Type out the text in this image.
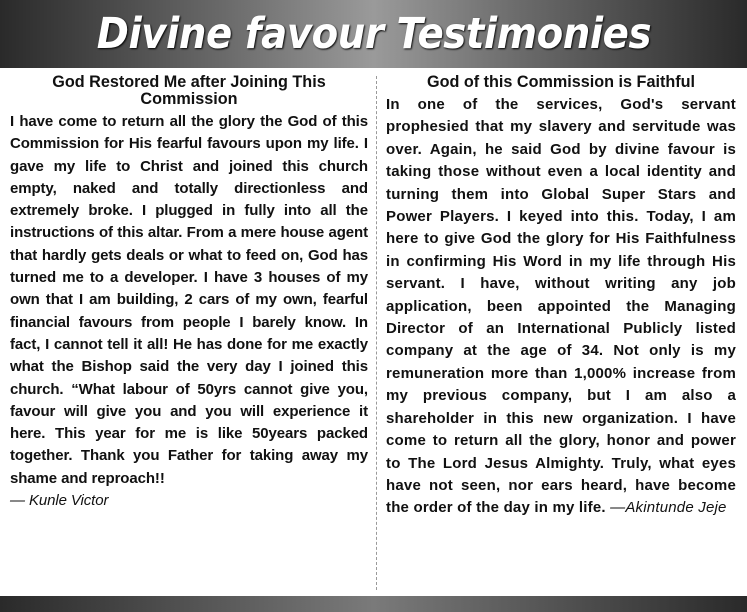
Divine favour Testimonies
God Restored Me after Joining This Commission

I have come to return all the glory the God of this Commission for His fearful favours upon my life. I gave my life to Christ and joined this church empty, naked and totally directionless and extremely broke. I plugged in fully into all the instructions of this altar. From a mere house agent that hardly gets deals or what to feed on, God has turned me to a developer. I have 3 houses of my own that I am building, 2 cars of my own, fearful financial favours from people I barely know. In fact, I cannot tell it all! He has done for me exactly what the Bishop said the very day I joined this church. “What labour of 50yrs cannot give you, favour will give you and you will experience it here. This year for me is like 50years packed together. Thank you Father for taking away my shame and reproach!!
— Kunle Victor

God of this Commission is Faithful

In one of the services, God's servant prophesied that my slavery and servitude was over. Again, he said God by divine favour is taking those without even a local identity and turning them into Global Super Stars and Power Players. I keyed into this. Today, I am here to give God the glory for His Faithfulness in confirming His Word in my life through His servant. I have, without writing any job application, been appointed the Managing Director of an International Publicly listed company at the age of 34. Not only is my remuneration more than 1,000% increase from my previous company, but I am also a shareholder in this new organization. I have come to return all the glory, honor and power to The Lord Jesus Almighty. Truly, what eyes have not seen, nor ears heard, have become the order of the day in my life. —Akintunde Jeje
